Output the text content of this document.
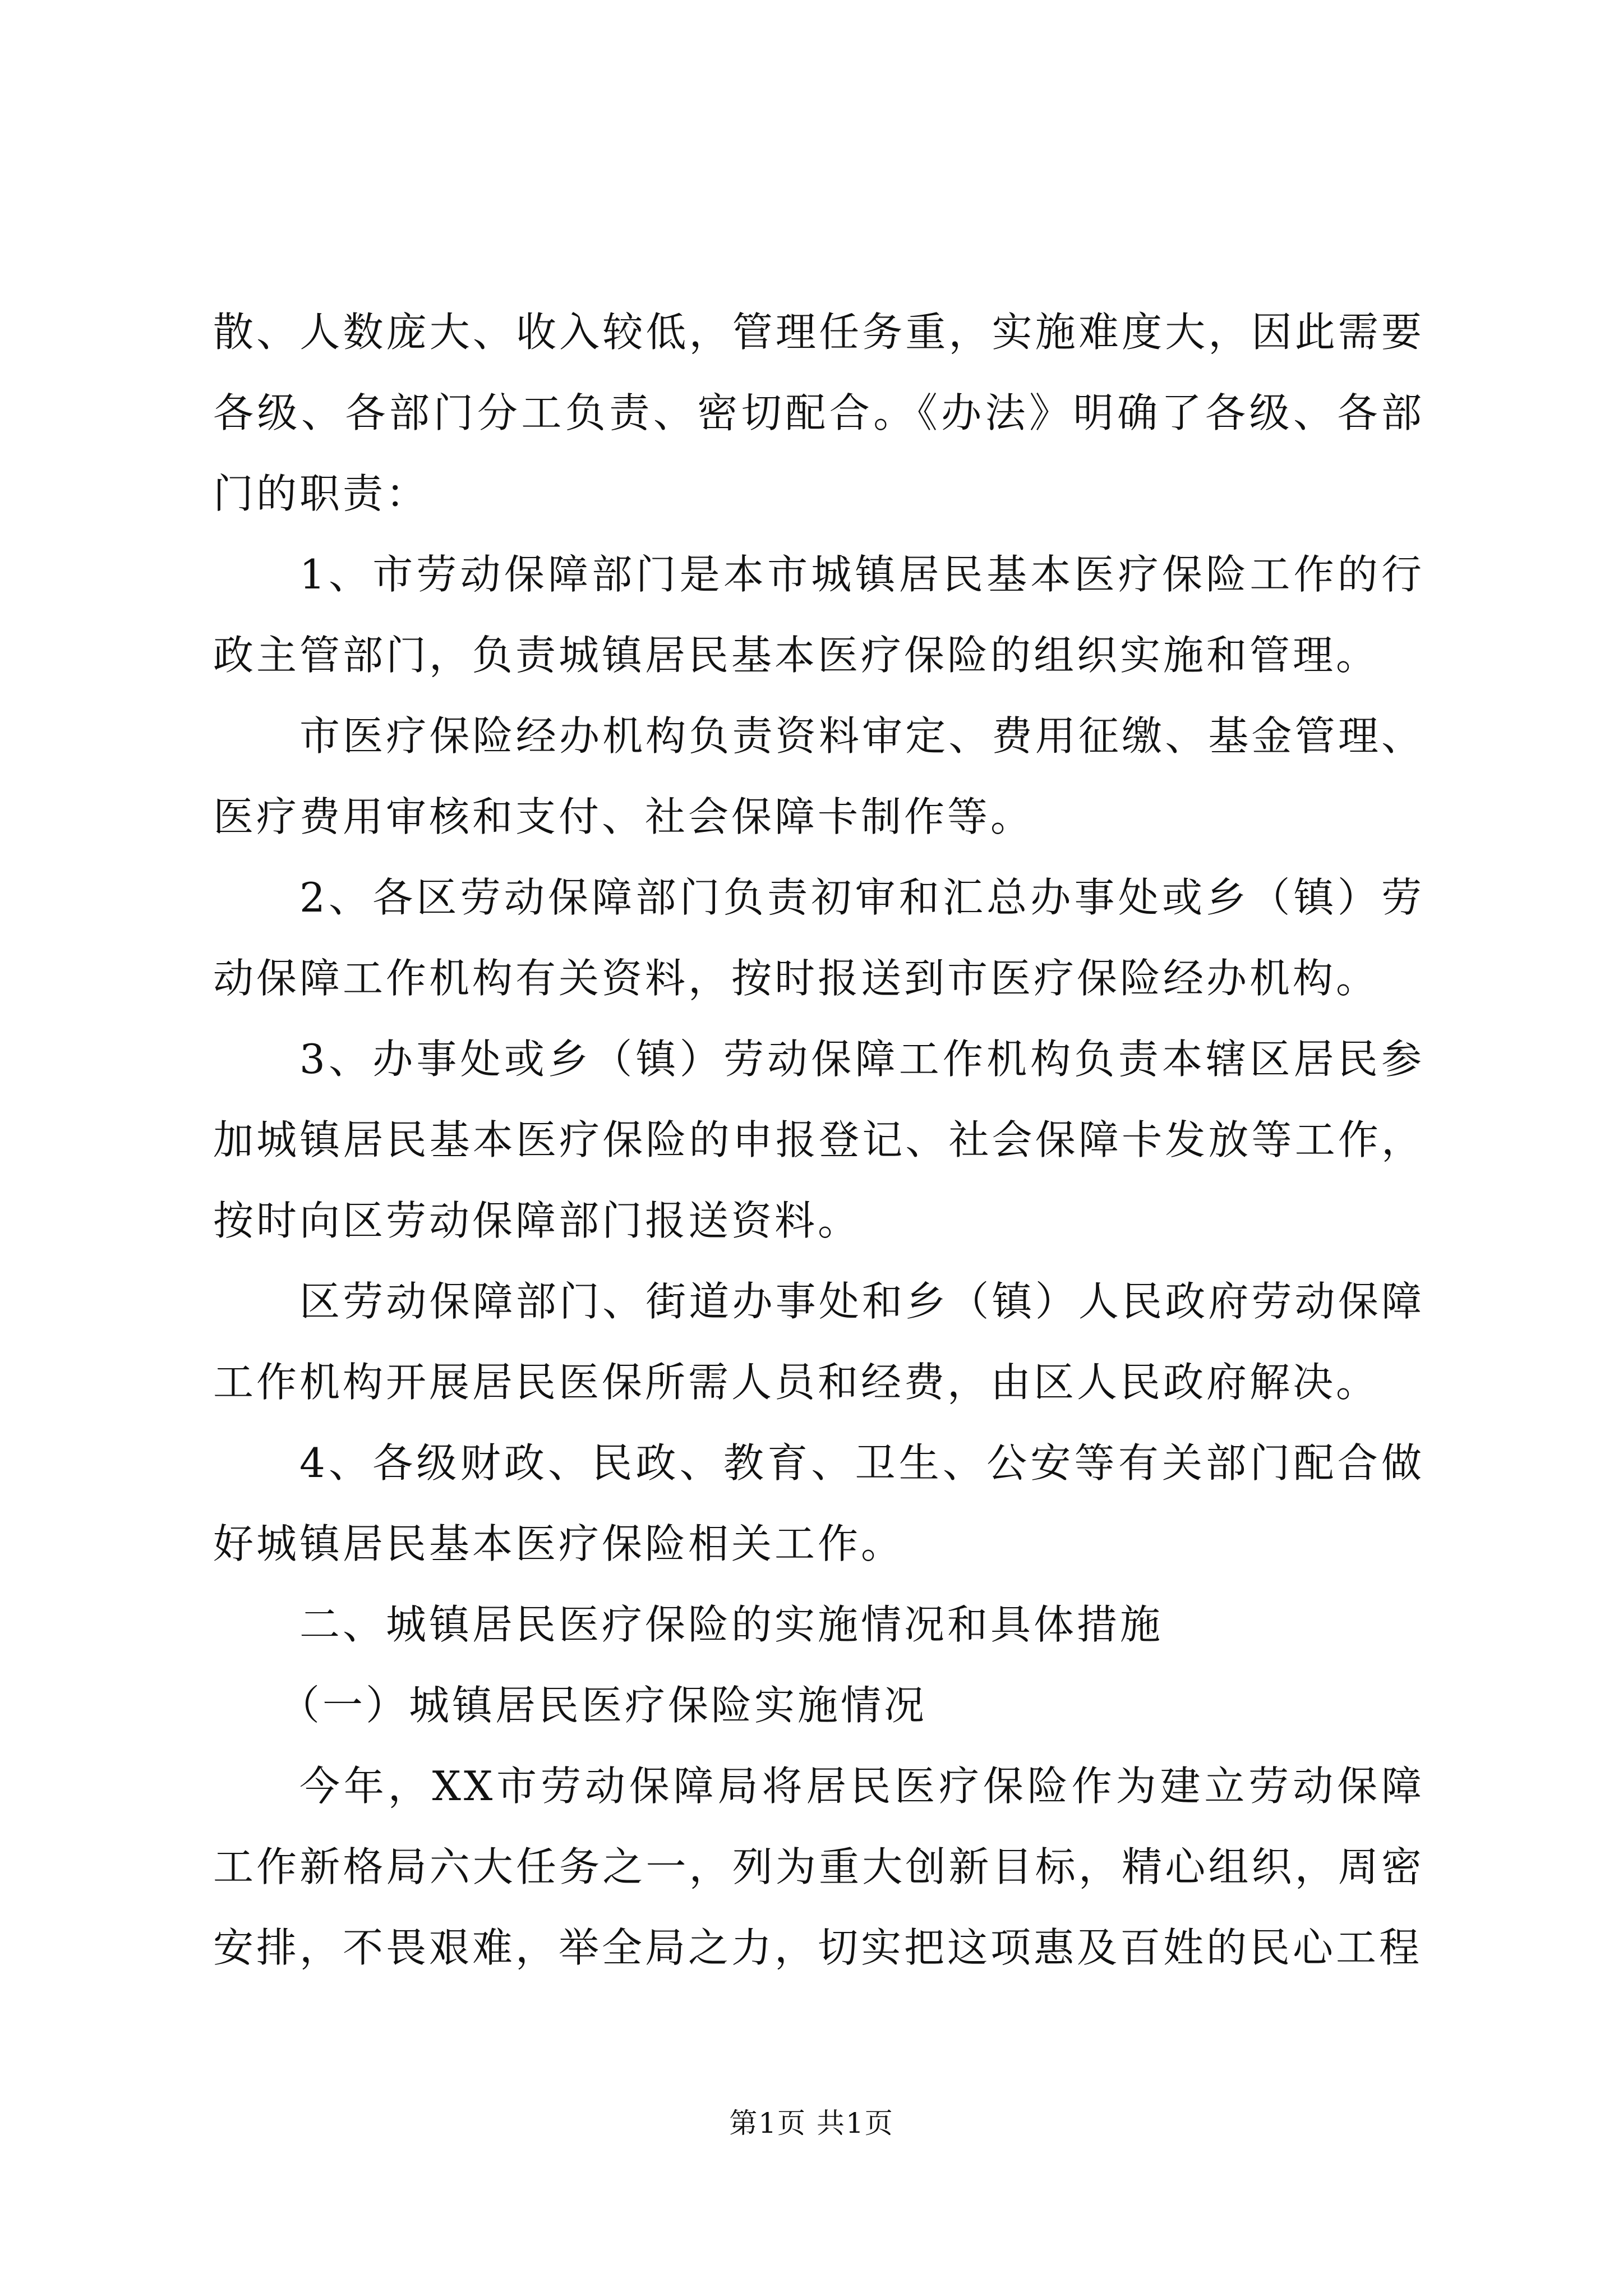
散、人数庞大、收入较低，管理任务重，实施难度大，因此需要各级、各部门分工负责、密切配合。《办法》明确了各级、各部门的职责：

1、市劳动保障部门是本市城镇居民基本医疗保险工作的行政主管部门，负责城镇居民基本医疗保险的组织实施和管理。

市医疗保险经办机构负责资料审定、费用征缴、基金管理、医疗费用审核和支付、社会保障卡制作等。

2、各区劳动保障部门负责初审和汇总办事处或乡（镇）劳动保障工作机构有关资料，按时报送到市医疗保险经办机构。

3、办事处或乡（镇）劳动保障工作机构负责本辖区居民参加城镇居民基本医疗保险的申报登记、社会保障卡发放等工作，按时向区劳动保障部门报送资料。

区劳动保障部门、街道办事处和乡（镇）人民政府劳动保障工作机构开展居民医保所需人员和经费，由区人民政府解决。

4、各级财政、民政、教育、卫生、公安等有关部门配合做好城镇居民基本医疗保险相关工作。

二、城镇居民医疗保险的实施情况和具体措施

（一）城镇居民医疗保险实施情况

今年，XX市劳动保障局将居民医疗保险作为建立劳动保障工作新格局六大任务之一，列为重大创新目标，精心组织，周密安排，不畏艰难，举全局之力，切实把这项惠及百姓的民心工程

第1页 共1页
